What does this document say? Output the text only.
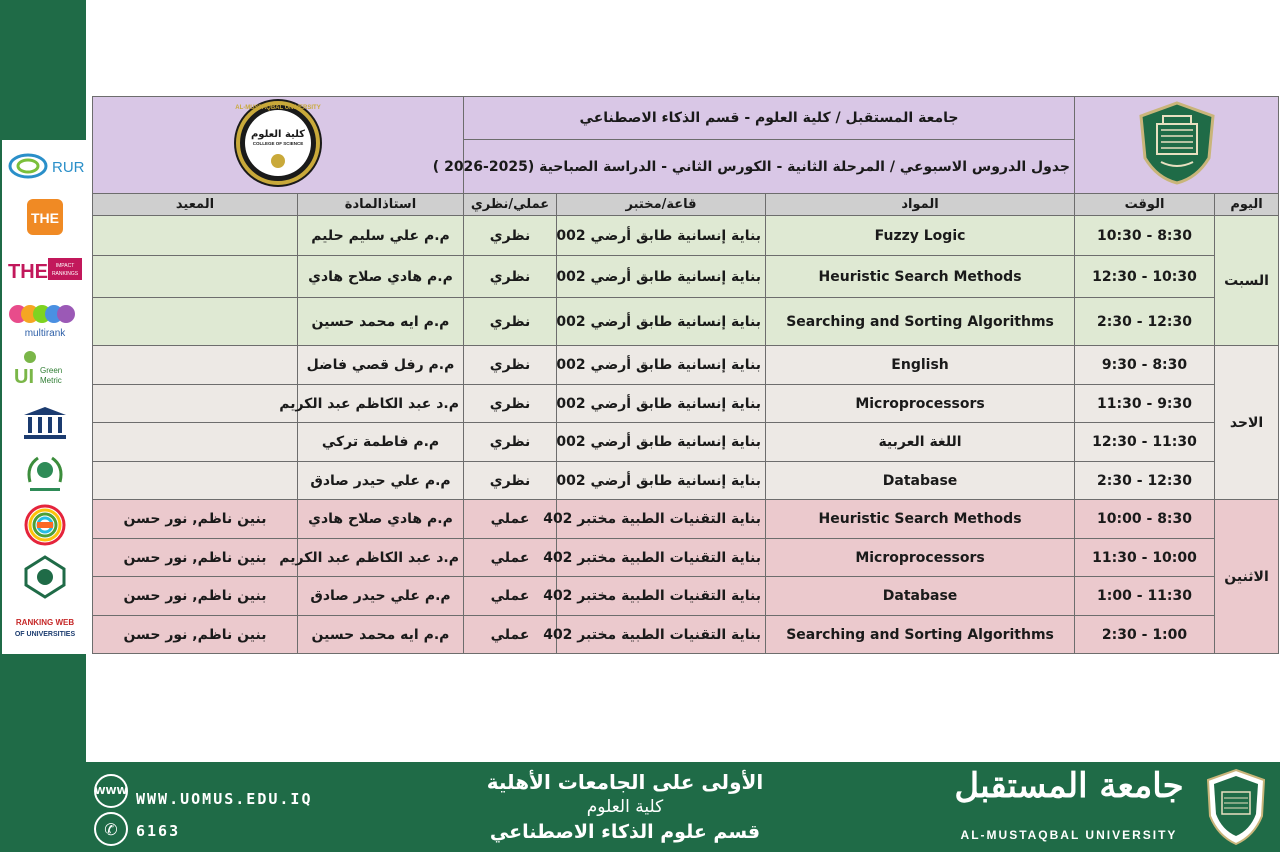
RUR
THE
THE IMPACT
RANKINGS
multirank
UI Green
Metric
RANKING WEB
OF UNIVERSITIES
	جامعة المستقبل / كلية العلوم - قسم الذكاء الاصطناعي			AL-MUSTAQBAL UNIVERSITY
كلية العلوم
COLLEGE OF SCIENCE	

		جدول الدروس الاسبوعي / المرحلة الثانية - الكورس الثاني - الدراسة الصباحية (2025-2026 )				
اليوم	الوقت	المواد	قاعة/مختبر	عملي/نظري	استاذالمادة	المعيد
السبت	8:30 - 10:30	Fuzzy Logic	بناية إنسانية طابق أرضي 002	نظري	م.م علي سليم حليم	
	10:30 - 12:30	Heuristic Search Methods	بناية إنسانية طابق أرضي 002	نظري	م.م هادي صلاح هادي	
	12:30 - 2:30	Searching and Sorting Algorithms	بناية إنسانية طابق أرضي 002	نظري	م.م ايه محمد حسين	
الاحد	8:30 - 9:30	English	بناية إنسانية طابق أرضي 002	نظري	م.م رفل قصي فاضل	
	9:30 - 11:30	Microprocessors	بناية إنسانية طابق أرضي 002	نظري	م.د عبد الكاظم عبد الكريم	
	11:30 - 12:30	اللغة العربية	بناية إنسانية طابق أرضي 002	نظري	م.م فاطمة تركي	
	12:30 - 2:30	Database	بناية إنسانية طابق أرضي 002	نظري	م.م علي حيدر صادق	
الاثنين	8:30 - 10:00	Heuristic Search Methods	بناية التقنيات الطبية مختبر 402	عملي	م.م هادي صلاح هادي	بنين ناظم, نور حسن
	10:00 - 11:30	Microprocessors	بناية التقنيات الطبية مختبر 402	عملي	م.د عبد الكاظم عبد الكريم	بنين ناظم, نور حسن
	11:30 - 1:00	Database	بناية التقنيات الطبية مختبر 402	عملي	م.م علي حيدر صادق	بنين ناظم, نور حسن
	1:00 - 2:30	Searching and Sorting Algorithms	بناية التقنيات الطبية مختبر 402	عملي	م.م ايه محمد حسين	بنين ناظم, نور حسن
WWW WWW.UOMUS.EDU.IQ
✆	6163
الأولى على الجامعات الأهلية
كلية العلوم
قسم علوم الذكاء الاصطناعي
جامعة المستقبل
AL-MUSTAQBAL UNIVERSITY
